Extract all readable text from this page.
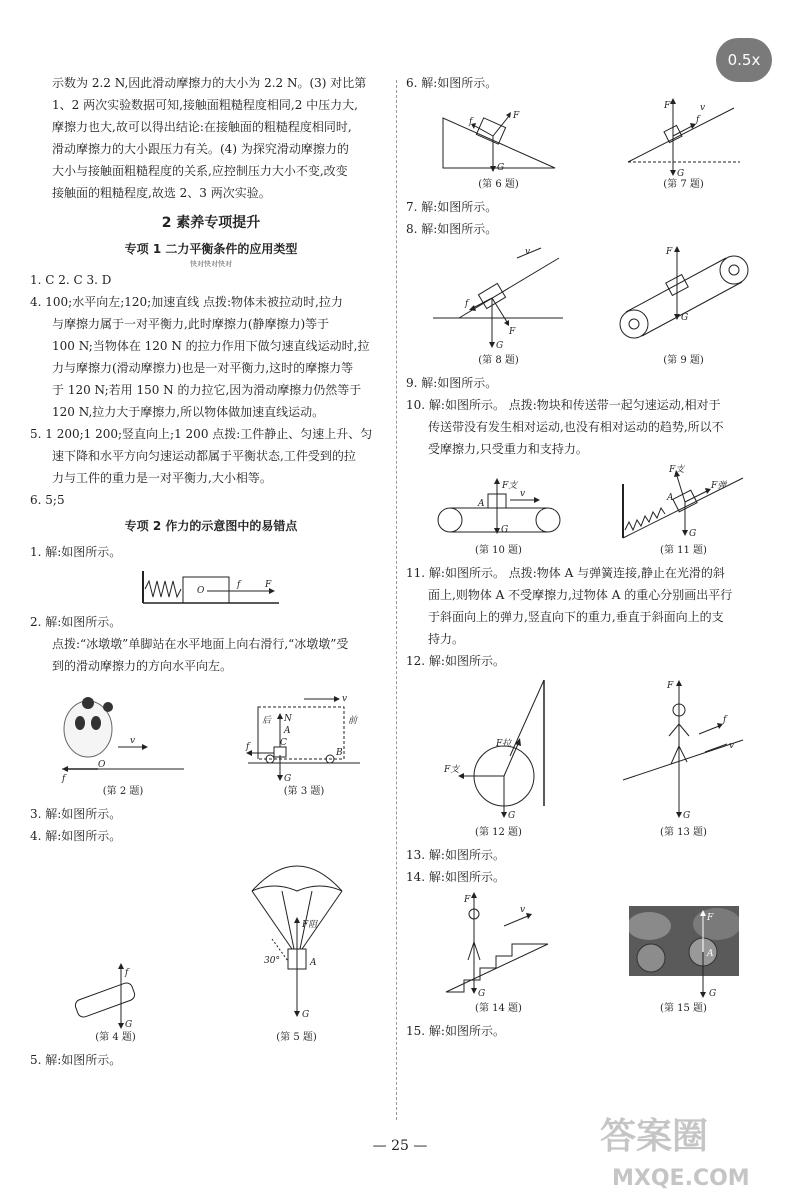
0.5x

示数为 2.2 N,因此滑动摩擦力的大小为 2.2 N。(3) 对比第

1、2 两次实验数据可知,接触面粗糙程度相同,2 中压力大,

摩擦力也大,故可以得出结论:在接触面的粗糙程度相同时,

滑动摩擦力的大小跟压力有关。(4) 为探究滑动摩擦力的

大小与接触面粗糙程度的关系,应控制压力大小不变,改变

接触面的粗糙程度,故选 2、3 两次实验。

2 素养专项提升
专项 1 二力平衡条件的应用类型
快对快对快对

1. C 2. C 3. D

4. 100;水平向左;120;加速直线 点拨:物体未被拉动时,拉力

与摩擦力属于一对平衡力,此时摩擦力(静摩擦力)等于

100 N;当物体在 120 N 的拉力作用下做匀速直线运动时,拉

力与摩擦力(滑动摩擦力)也是一对平衡力,这时的摩擦力等

于 120 N;若用 150 N 的力拉它,因为滑动摩擦力仍然等于

120 N,拉力大于摩擦力,所以物体做加速直线运动。

5. 1 200;1 200;竖直向上;1 200 点拨:工件静止、匀速上升、匀

速下降和水平方向匀速运动都属于平衡状态,工件受到的拉

力与工件的重力是一对平衡力,大小相等。

6. 5;5

专项 2 作力的示意图中的易错点

1. 解:如图所示。

O
f	F

2. 解:如图所示。

点拨:“冰墩墩”单脚站在水平地面上向右滑行,“冰墩墩”受

到的滑动摩擦力的方向水平向左。

v
f
O
(第 2 题)
后	前
C
B
N
A
G
f
v
(第 3 题)

3. 解:如图所示。

4. 解:如图所示。

f
G
(第 4 题)
A
F阻
G
30°
(第 5 题)

5. 解:如图所示。

6. 解:如图所示。

G
F
f
(第 6 题)
F
G
f
v
(第 7 题)

7. 解:如图所示。

8. 解:如图所示。

G
F
f
v
(第 8 题)
F
G
(第 9 题)

9. 解:如图所示。

10. 解:如图所示。 点拨:物块和传送带一起匀速运动,相对于

传送带没有发生相对运动,也没有相对运动的趋势,所以不

受摩擦力,只受重力和支持力。

A
F支
G
v
(第 10 题)
A
F支
F弹
G
(第 11 题)

11. 解:如图所示。 点拨:物体 A 与弹簧连接,静止在光滑的斜

面上,则物体 A 不受摩擦力,过物体 A 的重心分别画出平行

于斜面向上的弹力,竖直向下的重力,垂直于斜面向上的支

持力。

12. 解:如图所示。

F拉
F支
G
(第 12 题)
F
G
f
v
(第 13 题)

13. 解:如图所示。

14. 解:如图所示。

F
G
v
(第 14 题)
F
A
G
(第 15 题)

15. 解:如图所示。

— 25 —	答案圈
MXQE.COM
